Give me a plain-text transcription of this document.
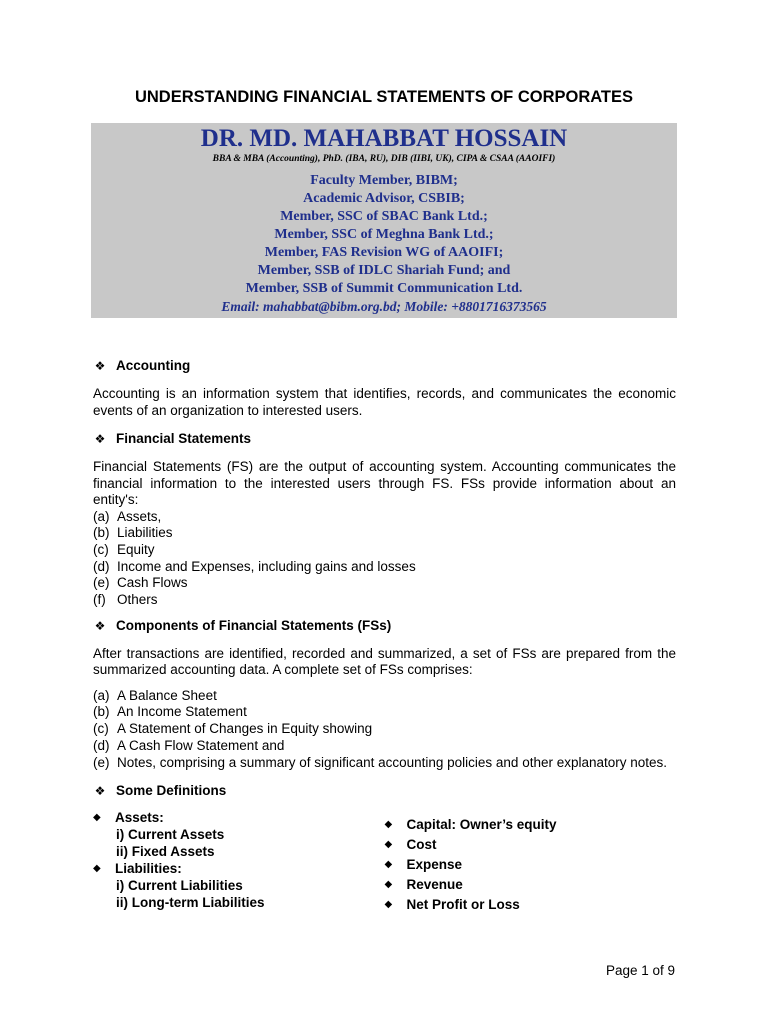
UNDERSTANDING FINANCIAL STATEMENTS OF CORPORATES
DR. MD. MAHABBAT HOSSAIN
BBA & MBA (Accounting), PhD. (IBA, RU), DIB (IIBI, UK), CIPA & CSAA (AAOIFI)
Faculty Member, BIBM;
Academic Advisor, CSBIB;
Member, SSC of SBAC Bank Ltd.;
Member, SSC of Meghna Bank Ltd.;
Member, FAS Revision WG of AAOIFI;
Member, SSB of IDLC Shariah Fund; and
Member, SSB of Summit Communication Ltd.
Email: mahabbat@bibm.org.bd; Mobile: +8801716373565
❖ Accounting

Accounting is an information system that identifies, records, and communicates the economic events of an organization to interested users.

❖ Financial Statements

Financial Statements (FS) are the output of accounting system. Accounting communicates the financial information to the interested users through FS. FSs provide information about an entity's:

(a) Assets,
(b) Liabilities
(c) Equity
(d) Income and Expenses, including gains and losses
(e) Cash Flows
(f) Others
❖ Components of Financial Statements (FSs)

After transactions are identified, recorded and summarized, a set of FSs are prepared from the summarized accounting data. A complete set of FSs comprises:

(a) A Balance Sheet
(b) An Income Statement
(c) A Statement of Changes in Equity showing
(d) A Cash Flow Statement and
(e) Notes, comprising a summary of significant accounting policies and other explanatory notes.
❖ Some Definitions
◆	Assets:
i) Current Assets
ii) Fixed Assets
◆	Liabilities:
i) Current Liabilities
ii) Long-term Liabilities
◆	Capital: Owner’s equity
◆	Cost
◆	Expense
◆	Revenue
◆	Net Profit or Loss
Page 1 of 9
